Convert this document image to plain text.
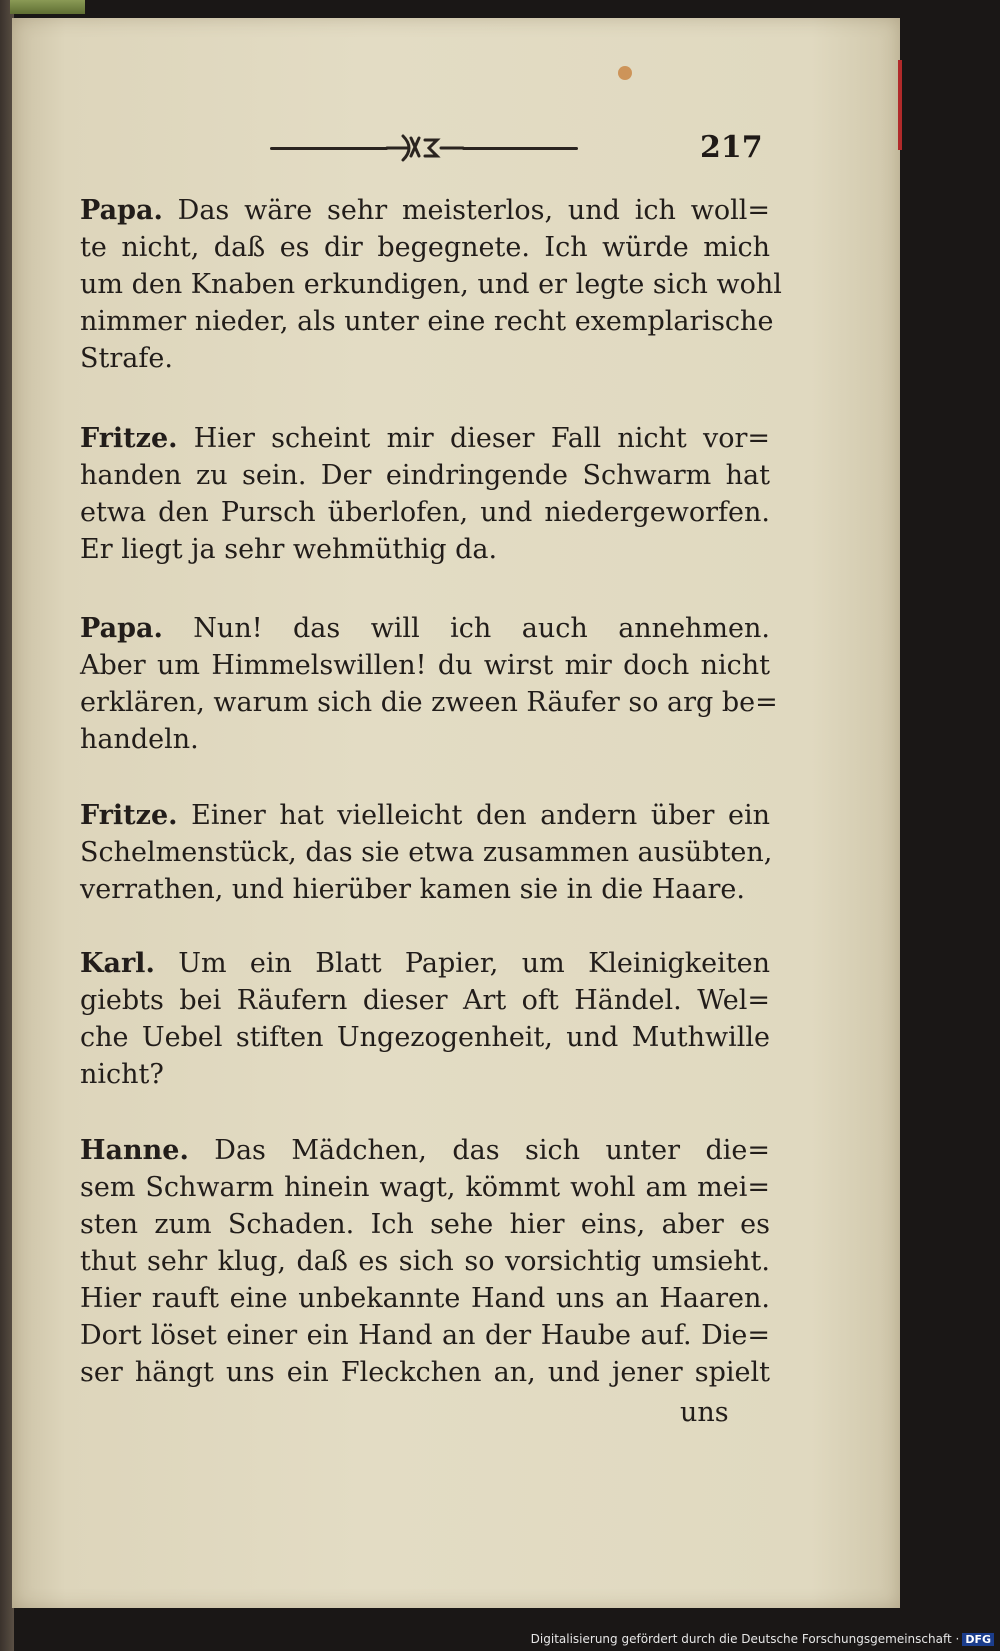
217
Papa. Das wäre sehr meisterlos, und ich woll=
te nicht, daß es dir begegnete. Ich würde mich
um den Knaben erkundigen, und er legte sich wohl
nimmer nieder, als unter eine recht exemplarische
Strafe.
Fritze. Hier scheint mir dieser Fall nicht vor=
handen zu sein. Der eindringende Schwarm hat
etwa den Pursch überlofen, und niedergeworfen.
Er liegt ja sehr wehmüthig da.
Papa. Nun! das will ich auch annehmen.
Aber um Himmelswillen! du wirst mir doch nicht
erklären, warum sich die zween Räufer so arg be=
handeln.
Fritze. Einer hat vielleicht den andern über ein
Schelmenstück, das sie etwa zusammen ausübten,
verrathen, und hierüber kamen sie in die Haare.
Karl. Um ein Blatt Papier, um Kleinigkeiten
giebts bei Räufern dieser Art oft Händel. Wel=
che Uebel stiften Ungezogenheit, und Muthwille
nicht?
Hanne. Das Mädchen, das sich unter die=
sem Schwarm hinein wagt, kömmt wohl am mei=
sten zum Schaden. Ich sehe hier eins, aber es
thut sehr klug, daß es sich so vorsichtig umsieht.
Hier rauft eine unbekannte Hand uns an Haaren.
Dort löset einer ein Hand an der Haube auf. Die=
ser hängt uns ein Fleckchen an, und jener spielt
uns
Digitalisierung gefördert durch die Deutsche Forschungsgemeinschaft · DFG
